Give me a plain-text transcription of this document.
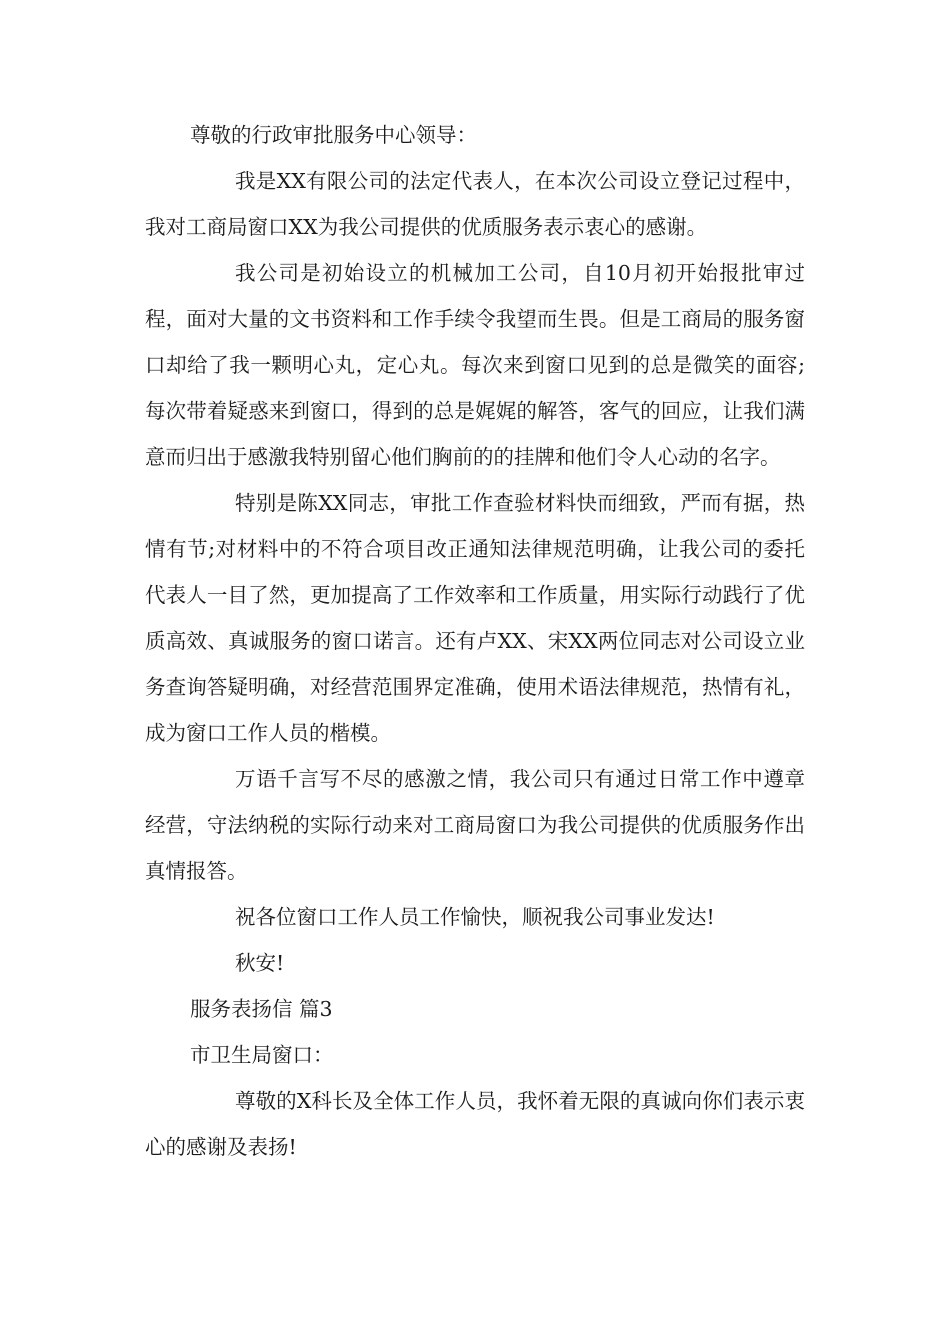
尊敬的行政审批服务中心领导：

我是XX有限公司的法定代表人，在本次公司设立登记过程中，我对工商局窗口XX为我公司提供的优质服务表示衷心的感谢。

我公司是初始设立的机械加工公司，自10月初开始报批审过程，面对大量的文书资料和工作手续令我望而生畏。但是工商局的服务窗口却给了我一颗明心丸，定心丸。每次来到窗口见到的总是微笑的面容;每次带着疑惑来到窗口，得到的总是娓娓的解答，客气的回应，让我们满意而归出于感激我特别留心他们胸前的的挂牌和他们令人心动的名字。

特别是陈XX同志，审批工作查验材料快而细致，严而有据，热情有节;对材料中的不符合项目改正通知法律规范明确，让我公司的委托代表人一目了然，更加提高了工作效率和工作质量，用实际行动践行了优质高效、真诚服务的窗口诺言。还有卢XX、宋XX两位同志对公司设立业务查询答疑明确，对经营范围界定准确，使用术语法律规范，热情有礼，成为窗口工作人员的楷模。

万语千言写不尽的感激之情，我公司只有通过日常工作中遵章经营，守法纳税的实际行动来对工商局窗口为我公司提供的优质服务作出真情报答。

祝各位窗口工作人员工作愉快，顺祝我公司事业发达!

秋安!

服务表扬信 篇3

市卫生局窗口：

尊敬的X科长及全体工作人员，我怀着无限的真诚向你们表示衷心的感谢及表扬!
